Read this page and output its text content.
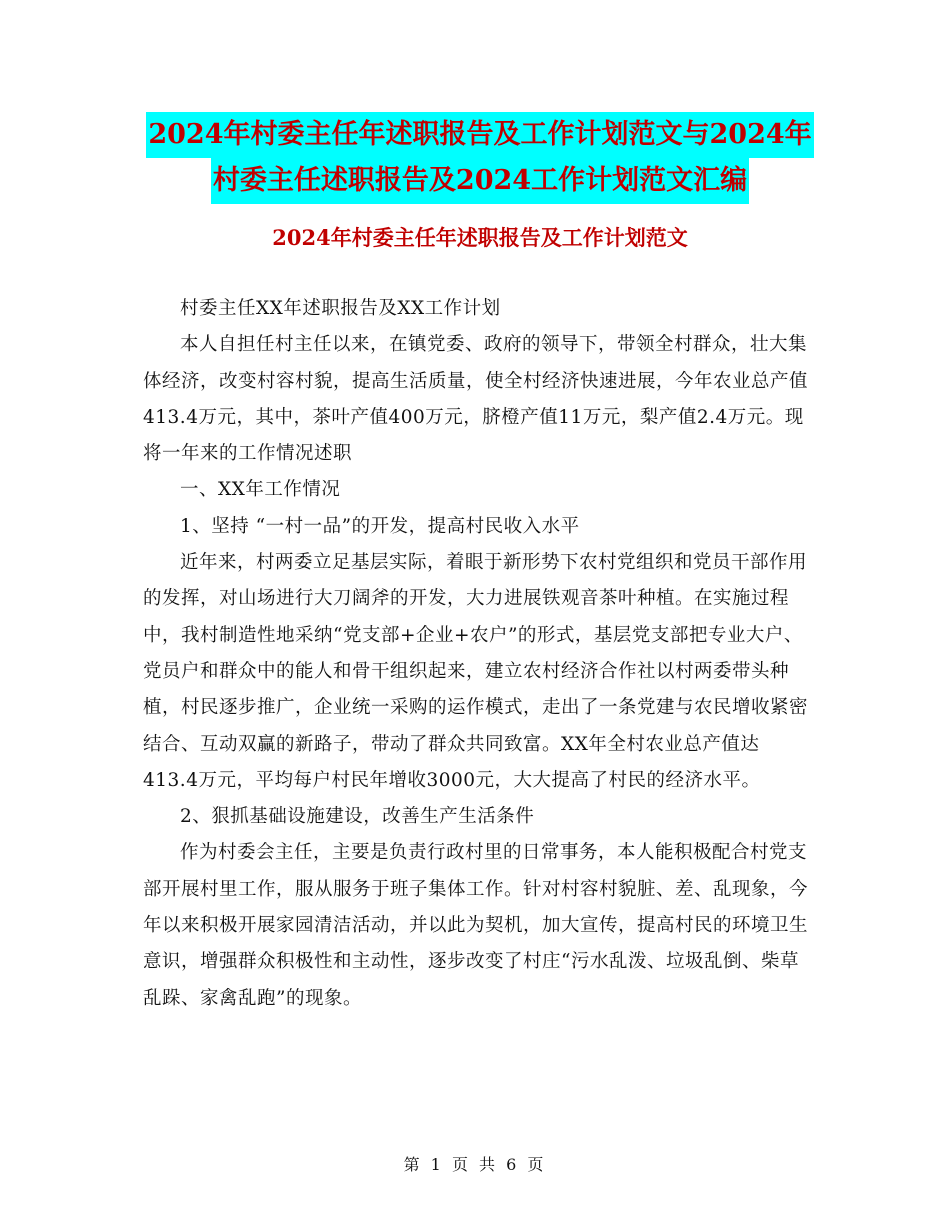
2024年村委主任年述职报告及工作计划范文与2024年
村委主任述职报告及2024工作计划范文汇编
2024年村委主任年述职报告及工作计划范文

村委主任XX年述职报告及XX工作计划

本人自担任村主任以来，在镇党委、政府的领导下，带领全村群众，壮大集体经济，改变村容村貌，提高生活质量，使全村经济快速进展，今年农业总产值413.4万元，其中，茶叶产值400万元，脐橙产值11万元，梨产值2.4万元。现将一年来的工作情况述职

一、XX年工作情况

1、坚持 “一村一品”的开发，提高村民收入水平

近年来，村两委立足基层实际，着眼于新形势下农村党组织和党员干部作用的发挥，对山场进行大刀阔斧的开发，大力进展铁观音茶叶种植。在实施过程中，我村制造性地采纳“党支部+企业+农户”的形式，基层党支部把专业大户、党员户和群众中的能人和骨干组织起来，建立农村经济合作社以村两委带头种植，村民逐步推广，企业统一采购的运作模式，走出了一条党建与农民增收紧密结合、互动双赢的新路子，带动了群众共同致富。XX年全村农业总产值达413.4万元，平均每户村民年增收3000元，大大提高了村民的经济水平。

2、狠抓基础设施建设，改善生产生活条件

作为村委会主任，主要是负责行政村里的日常事务，本人能积极配合村党支部开展村里工作，服从服务于班子集体工作。针对村容村貌脏、差、乱现象，今年以来积极开展家园清洁活动，并以此为契机，加大宣传，提高村民的环境卫生意识，增强群众积极性和主动性，逐步改变了村庄“污水乱泼、垃圾乱倒、柴草乱跺、家禽乱跑”的现象。

第 1 页 共 6 页
